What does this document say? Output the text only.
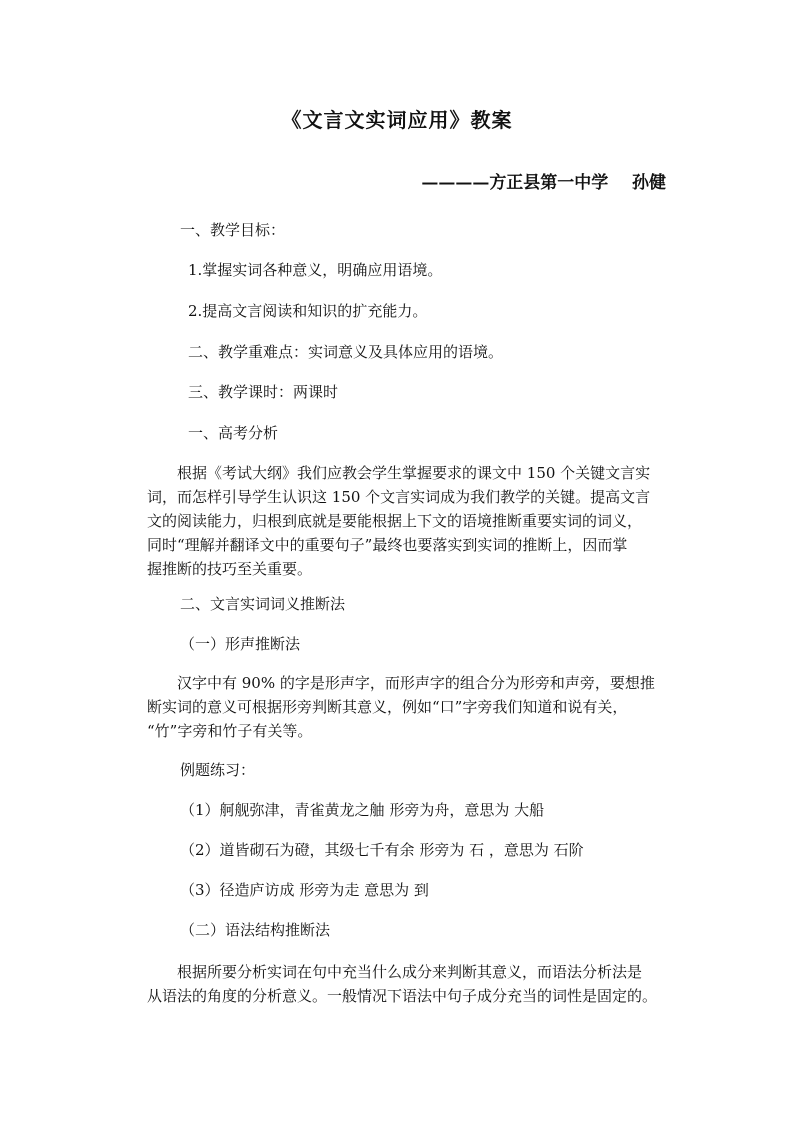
《文言文实词应用》教案
————方正县第一中学    孙健
一、教学目标：
1.掌握实词各种意义，明确应用语境。
2.提高文言阅读和知识的扩充能力。
二、教学重难点：实词意义及具体应用的语境。
三、教学课时：两课时
一、高考分析
根据《考试大纲》我们应教会学生掌握要求的课文中 150 个关键文言实
词，而怎样引导学生认识这 150 个文言实词成为我们教学的关键。提高文言
文的阅读能力，归根到底就是要能根据上下文的语境推断重要实词的词义，
同时“理解并翻译文中的重要句子”最终也要落实到实词的推断上，因而掌
握推断的技巧至关重要。
二、文言实词词义推断法
（一）形声推断法
汉字中有 90% 的字是形声字，而形声字的组合分为形旁和声旁，要想推
断实词的意义可根据形旁判断其意义，例如“口”字旁我们知道和说有关，
“竹”字旁和竹子有关等。
例题练习：
（1）舸舰弥津，青雀黄龙之舳 形旁为舟，意思为 大船
（2）道皆砌石为磴，其级七千有余 形旁为 石 ，意思为 石阶
（3）径造庐访成 形旁为走 意思为 到
（二）语法结构推断法
根据所要分析实词在句中充当什么成分来判断其意义，而语法分析法是
从语法的角度的分析意义。一般情况下语法中句子成分充当的词性是固定的。
